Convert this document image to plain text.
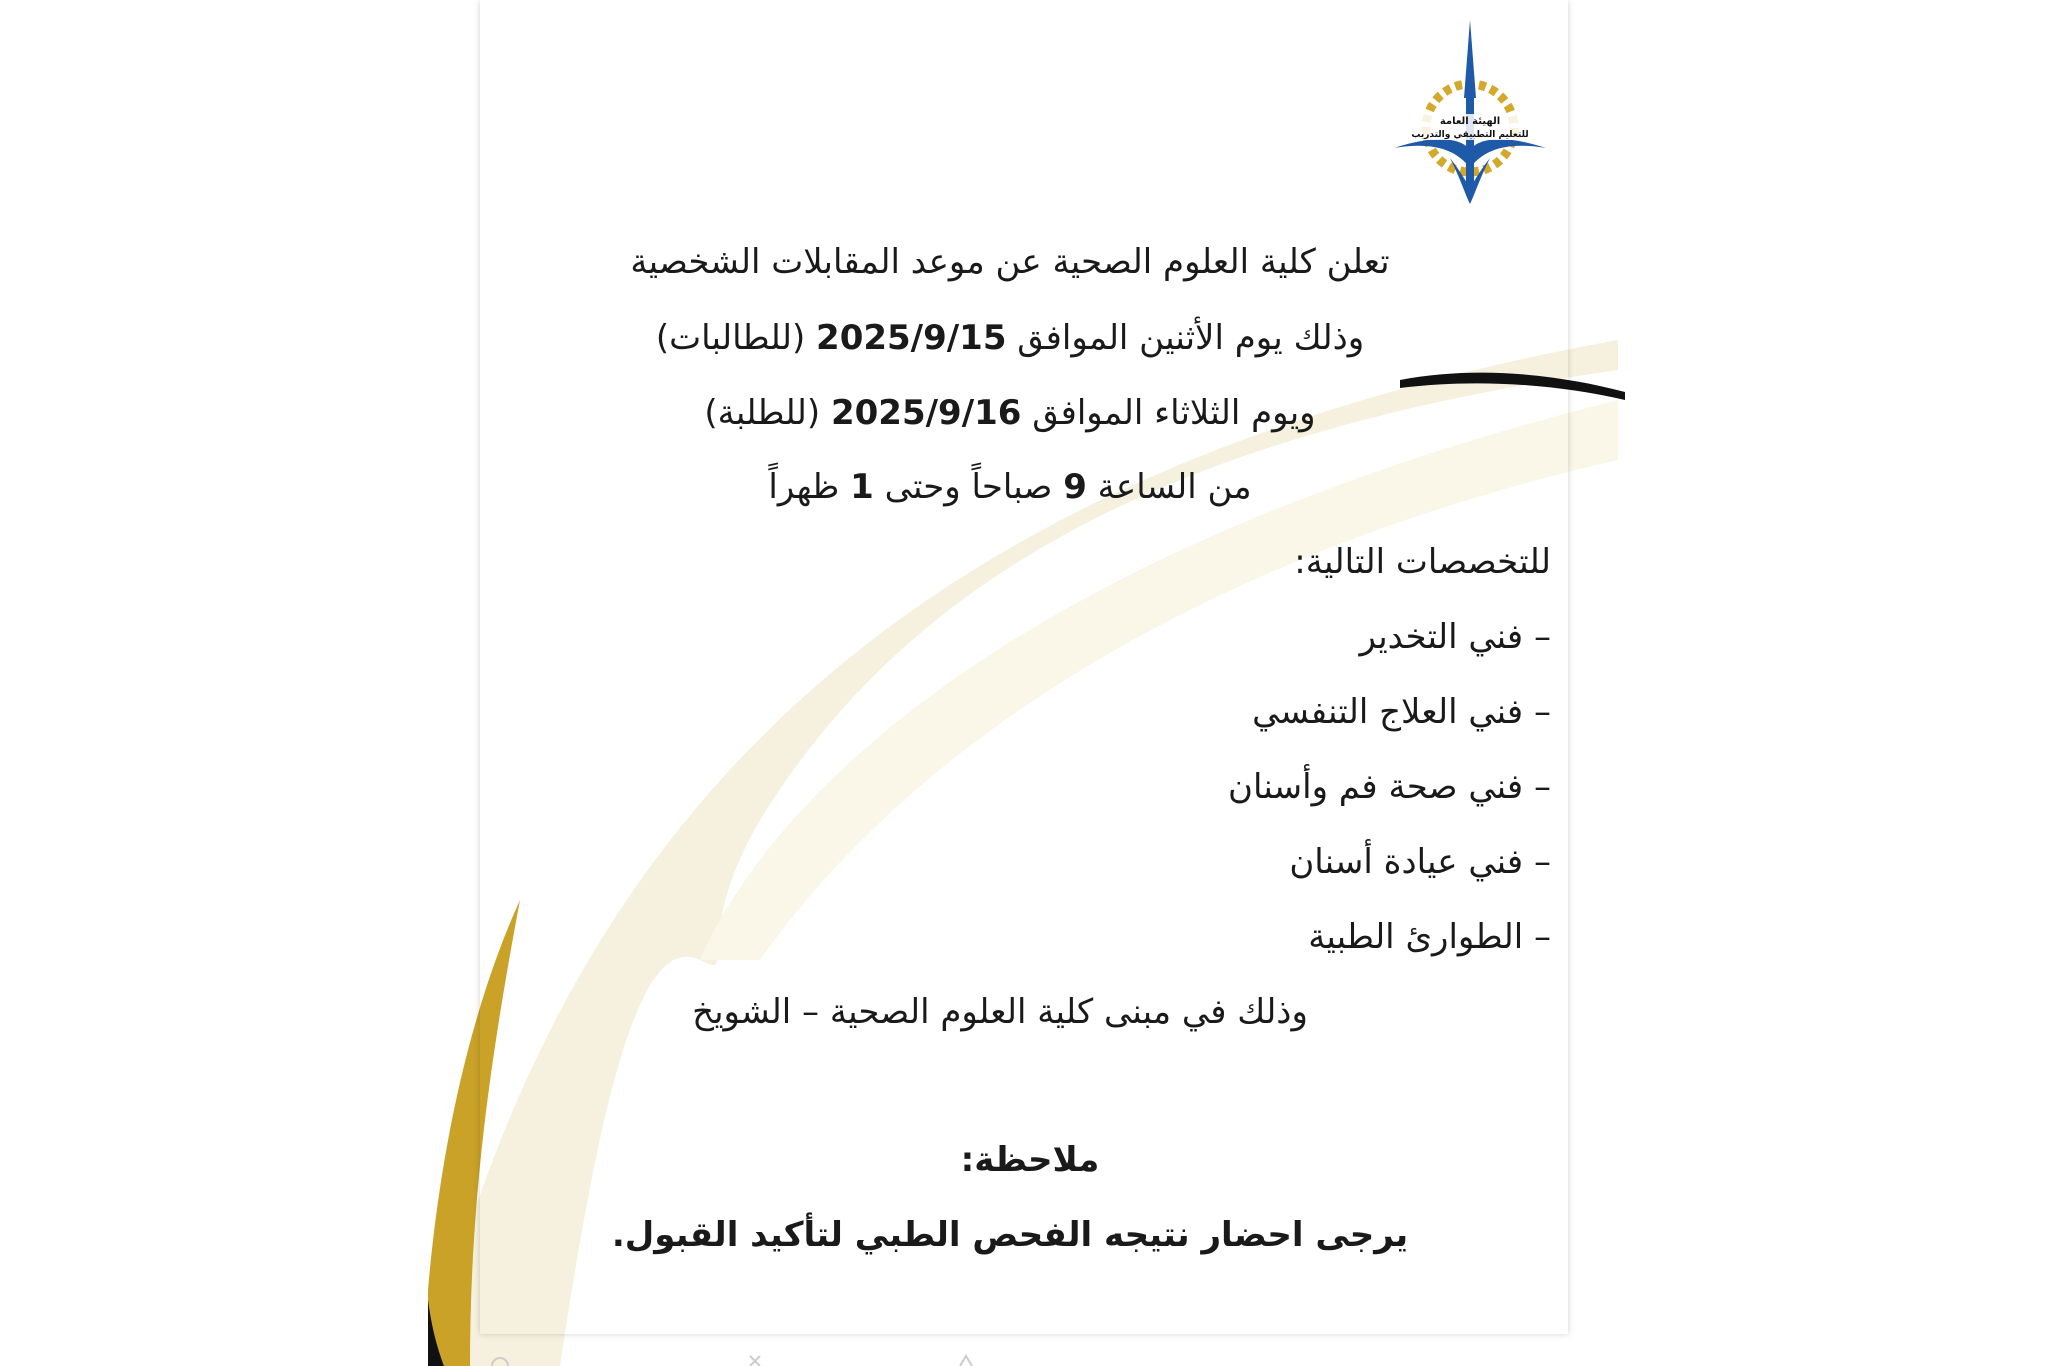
الهيئة العامة
للتعليم التطبيقي والتدريب
تعلن كلية العلوم الصحية عن موعد المقابلات الشخصية
وذلك يوم الأثنين الموافق 2025/9/15 (للطالبات)
ويوم الثلاثاء الموافق 2025/9/16 (للطلبة)
من الساعة 9 صباحاً وحتى 1 ظهراً
للتخصصات التالية:
– فني التخدير
– فني العلاج التنفسي
– فني صحة فم وأسنان
– فني عيادة أسنان
– الطوارئ الطبية
وذلك في مبنى كلية العلوم الصحية – الشويخ
ملاحظة:
يرجى احضار نتيجه الفحص الطبي لتأكيد القبول.
